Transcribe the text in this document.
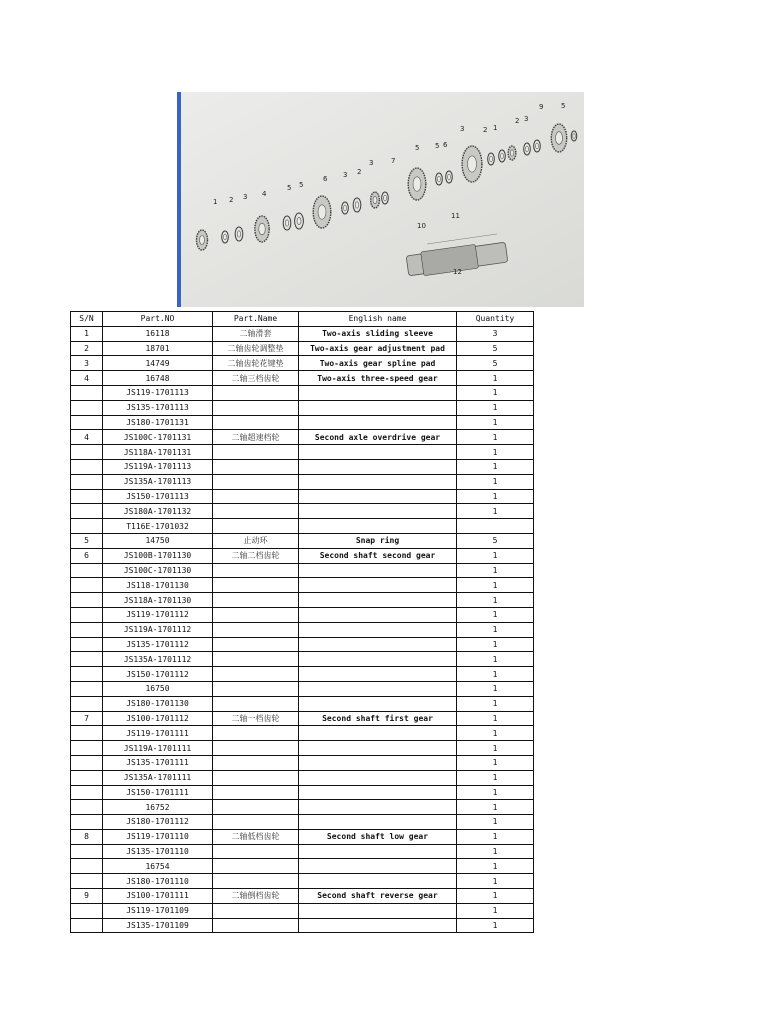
1 2 3 4
5 5
6 3 2
3	7
5 5 6
3	2 1
2 3
9	5
10
11
12
S/N	Part.NO	Part.Name	English name	Quantity
1	16118	二轴滑套	Two-axis sliding sleeve	3
2	18701	二轴齿轮调整垫	Two-axis gear adjustment pad	5
3	14749	二轴齿轮花键垫	Two-axis gear spline pad	5
4	16748	二轴三档齿轮	Two-axis three-speed gear	1
	JS119-1701113			1
	JS135-1701113			1
	JS180-1701131			1
4	JS100C-1701131	二轴超速档轮	Second axle overdrive gear	1
	JS118A-1701131			1
	JS119A-1701113			1
	JS135A-1701113			1
	JS150-1701113			1
	JS180A-1701132			1
	T116E-1701032			
5	14750	止动环	Snap ring	5
6	JS100B-1701130	二轴二档齿轮	Second shaft second gear	1
	JS100C-1701130			1
	JS118-1701130			1
	JS118A-1701130			1
	JS119-1701112			1
	JS119A-1701112			1
	JS135-1701112			1
	JS135A-1701112			1
	JS150-1701112			1
	16750			1
	JS180-1701130			1
7	JS100-1701112	二轴一档齿轮	Second shaft first gear	1
	JS119-1701111			1
	JS119A-1701111			1
	JS135-1701111			1
	JS135A-1701111			1
	JS150-1701111			1
	16752			1
	JS180-1701112			1
8	JS119-1701110	二轴低档齿轮	Second shaft low gear	1
	JS135-1701110			1
	16754			1
	JS180-1701110			1
9	JS100-1701111	二轴倒档齿轮	Second shaft reverse gear	1
	JS119-1701109			1
	JS135-1701109			1
